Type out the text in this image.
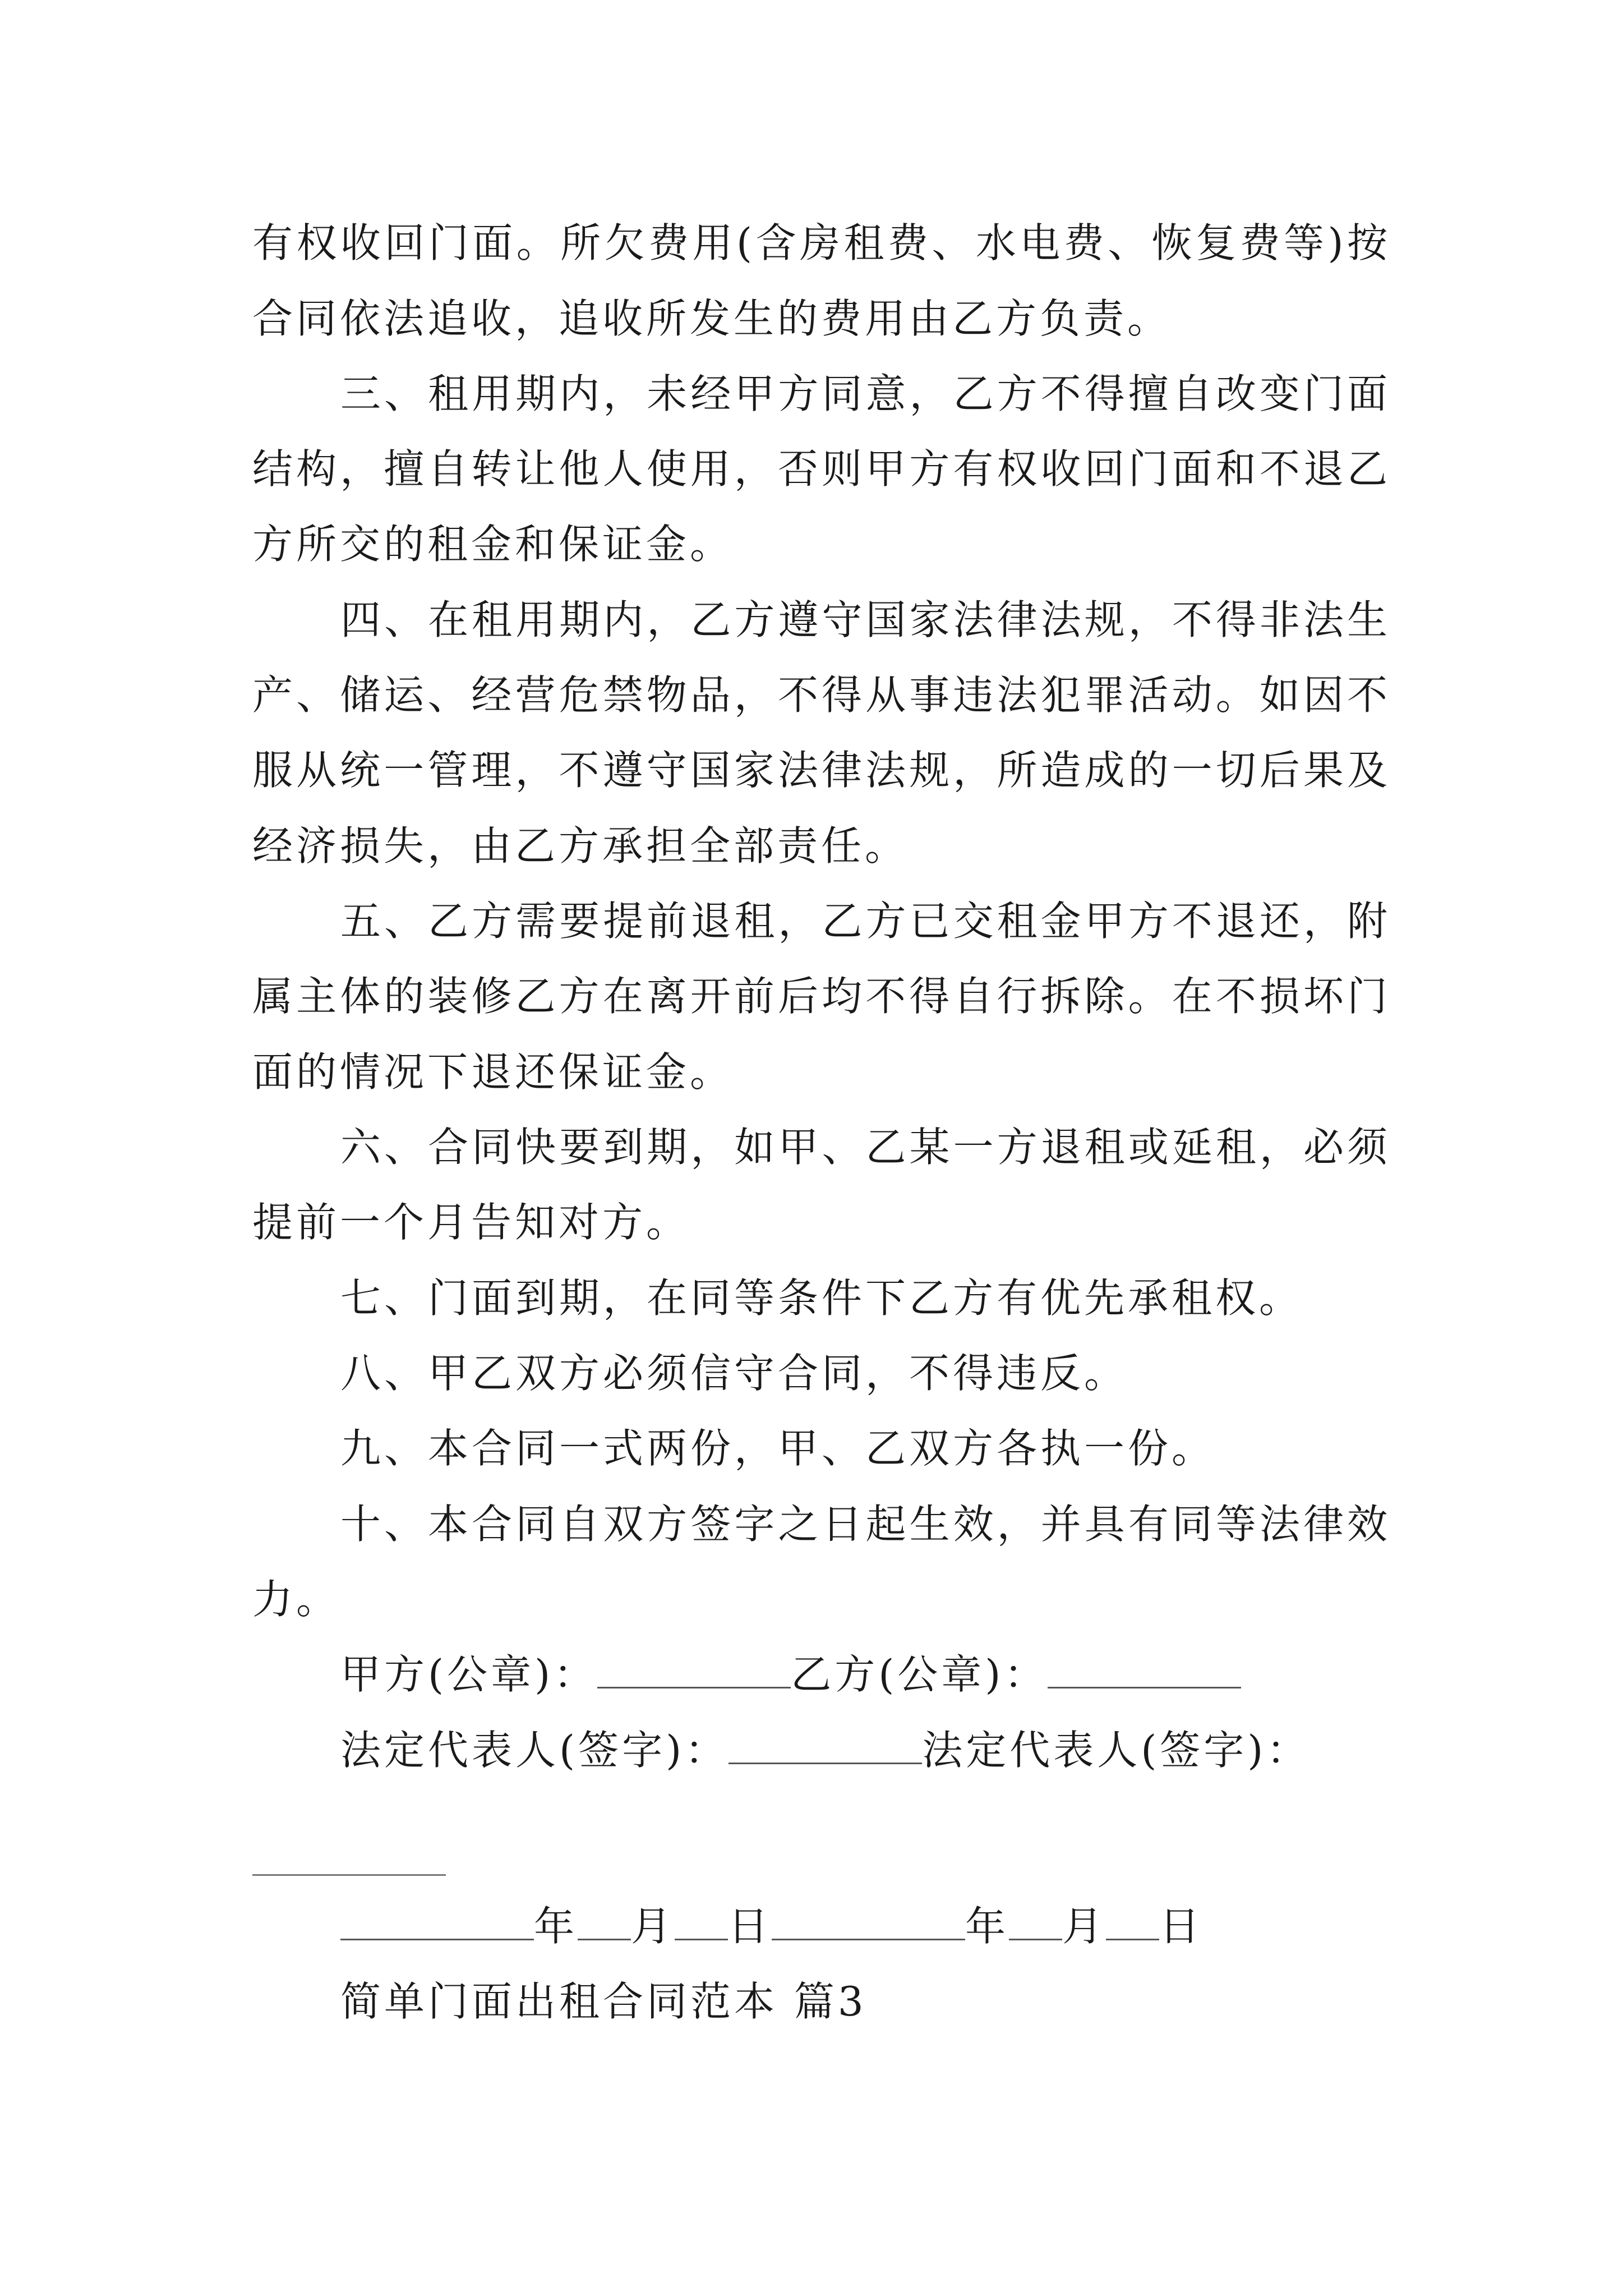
有权收回门面。所欠费用(含房租费、水电费、恢复费等)按

合同依法追收，追收所发生的费用由乙方负责。

三、租用期内，未经甲方同意，乙方不得擅自改变门面

结构，擅自转让他人使用，否则甲方有权收回门面和不退乙

方所交的租金和保证金。

四、在租用期内，乙方遵守国家法律法规，不得非法生

产、储运、经营危禁物品，不得从事违法犯罪活动。如因不

服从统一管理，不遵守国家法律法规，所造成的一切后果及

经济损失，由乙方承担全部责任。

五、乙方需要提前退租，乙方已交租金甲方不退还，附

属主体的装修乙方在离开前后均不得自行拆除。在不损坏门

面的情况下退还保证金。

六、合同快要到期，如甲、乙某一方退租或延租，必须

提前一个月告知对方。

七、门面到期，在同等条件下乙方有优先承租权。

八、甲乙双方必须信守合同，不得违反。

九、本合同一式两份，甲、乙双方各执一份。

十、本合同自双方签字之日起生效，并具有同等法律效

力。

甲方(公章)：	乙方(公章)：

法定代表人(签字)：	法定代表人(签字)：

年 月 日	年 月 日

简单门面出租合同范本 篇3
